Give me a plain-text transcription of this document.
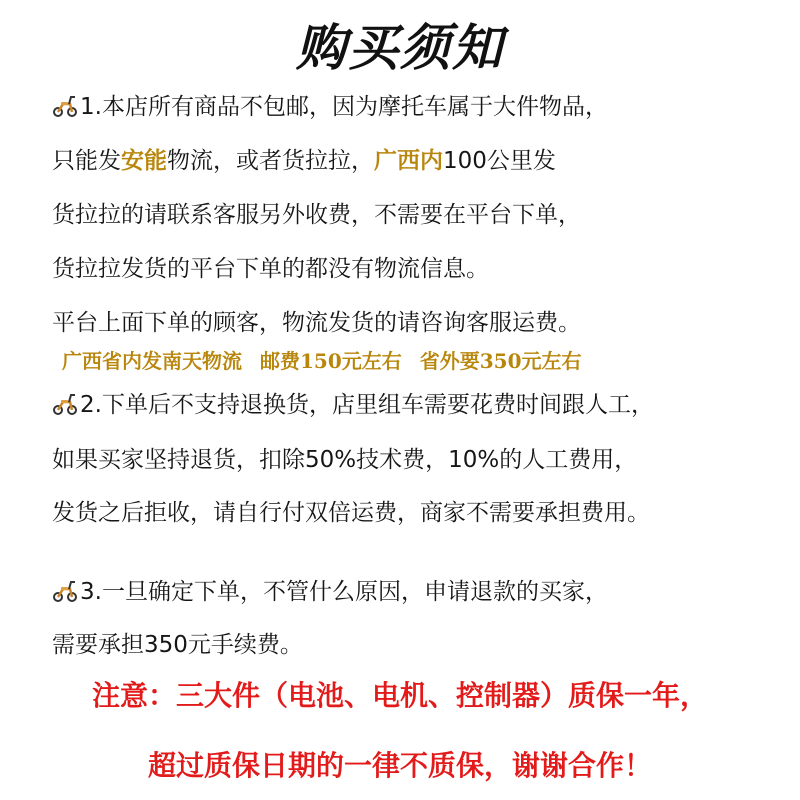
购买须知
1.本店所有商品不包邮，因为摩托车属于大件物品，
只能发安能物流，或者货拉拉，广西内100公里发
货拉拉的请联系客服另外收费，不需要在平台下单，
货拉拉发货的平台下单的都没有物流信息。
平台上面下单的顾客，物流发货的请咨询客服运费。
广西省内发南天物流 邮费150元左右 省外要350元左右
2.下单后不支持退换货，店里组车需要花费时间跟人工，
如果买家坚持退货，扣除50%技术费，10%的人工费用，
发货之后拒收，请自行付双倍运费，商家不需要承担费用。
3.一旦确定下单，不管什么原因，申请退款的买家，
需要承担350元手续费。
注意：三大件（电池、电机、控制器）质保一年，
超过质保日期的一律不质保，谢谢合作！
